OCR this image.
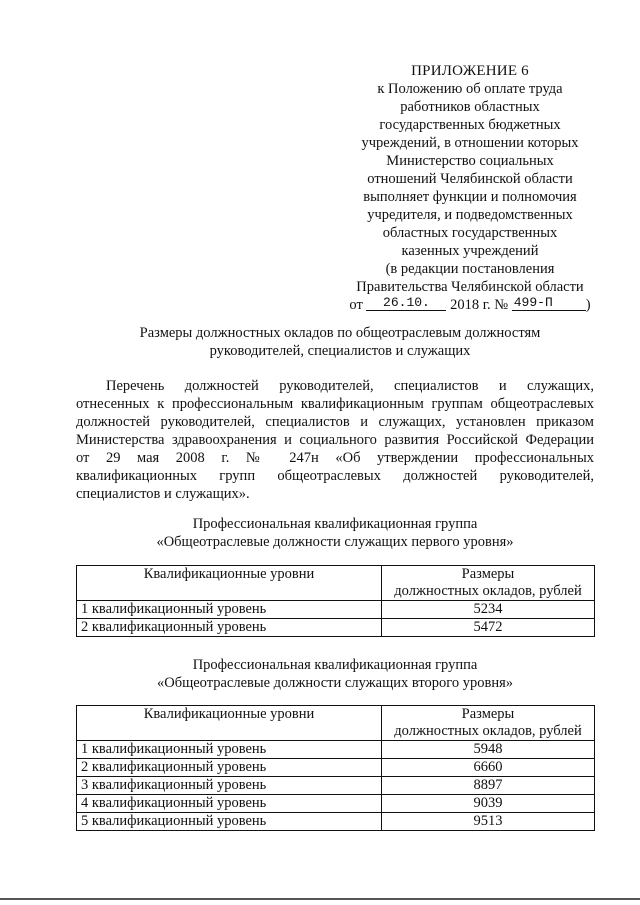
ПРИЛОЖЕНИЕ 6
к Положению об оплате труда
работников областных
государственных бюджетных
учреждений, в отношении которых
Министерство социальных
отношений Челябинской области
выполняет функции и полномочия
учредителя, и подведомственных
областных государственных
казенных учреждений
(в редакции постановления
Правительства Челябинской области
от 26.10. 2018 г. № 499-П )
Размеры должностных окладов по общеотраслевым должностям
руководителей, специалистов и служащих
Перечень должностей руководителей, специалистов и служащих,
отнесенных к профессиональным квалификационным группам общеотраслевых
должностей руководителей, специалистов и служащих, установлен приказом
Министерства здравоохранения и социального развития Российской Федерации
от 29 мая 2008 г. № 247н «Об утверждении профессиональных
квалификационных групп общеотраслевых должностей руководителей,
специалистов и служащих».
Профессиональная квалификационная группа
«Общеотраслевые должности служащих первого уровня»
Квалификационные уровни	Размеры
должностных окладов, рублей
1 квалификационный уровень	5234
2 квалификационный уровень	5472
Профессиональная квалификационная группа
«Общеотраслевые должности служащих второго уровня»
Квалификационные уровни	Размеры
должностных окладов, рублей
1 квалификационный уровень	5948
2 квалификационный уровень	6660
3 квалификационный уровень	8897
4 квалификационный уровень	9039
5 квалификационный уровень	9513
